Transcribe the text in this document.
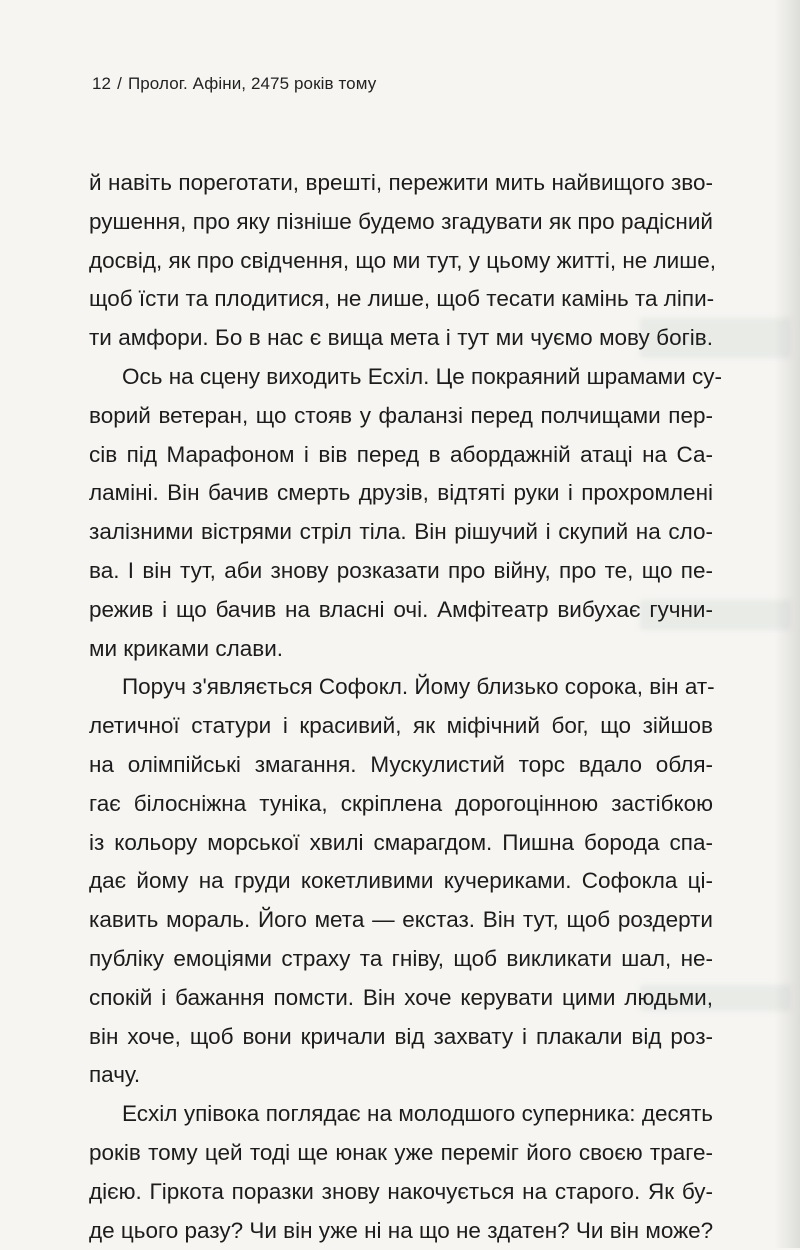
12 / Пролог. Афіни, 2475 років тому
й навіть пореготати, врешті, пережити мить найвищого зво-
рушення, про яку пізніше будемо згадувати як про радісний
досвід, як про свідчення, що ми тут, у цьому житті, не лише,
щоб їсти та плодитися, не лише, щоб тесати камінь та ліпи-
ти амфори. Бо в нас є вища мета і тут ми чуємо мову богів.
Ось на сцену виходить Есхіл. Це покраяний шрамами су-
ворий ветеран, що стояв у фаланзі перед полчищами пер-
сів під Марафоном і вів перед в абордажній атаці на Са-
ламіні. Він бачив смерть друзів, відтяті руки і прохромлені
залізними вістрями стріл тіла. Він рішучий і скупий на сло-
ва. І він тут, аби знову розказати про війну, про те, що пе-
режив і що бачив на власні очі. Амфітеатр вибухає гучни-
ми криками слави.
Поруч з'являється Софокл. Йому близько сорока, він ат-
летичної статури і красивий, як міфічний бог, що зійшов
на олімпійські змагання. Мускулистий торс вдало обля-
гає білосніжна туніка, скріплена дорогоцінною застібкою
із кольору морської хвилі смарагдом. Пишна борода спа-
дає йому на груди кокетливими кучериками. Софокла ці-
кавить мораль. Його мета — екстаз. Він тут, щоб роздерти
публіку емоціями страху та гніву, щоб викликати шал, не-
спокій і бажання помсти. Він хоче керувати цими людьми,
він хоче, щоб вони кричали від захвату і плакали від роз-
пачу.
Есхіл упівока поглядає на молодшого суперника: десять
років тому цей тоді ще юнак уже переміг його своєю траге-
дією. Гіркота поразки знову накочується на старого. Як бу-
де цього разу? Чи він уже ні на що не здатен? Чи він може?
